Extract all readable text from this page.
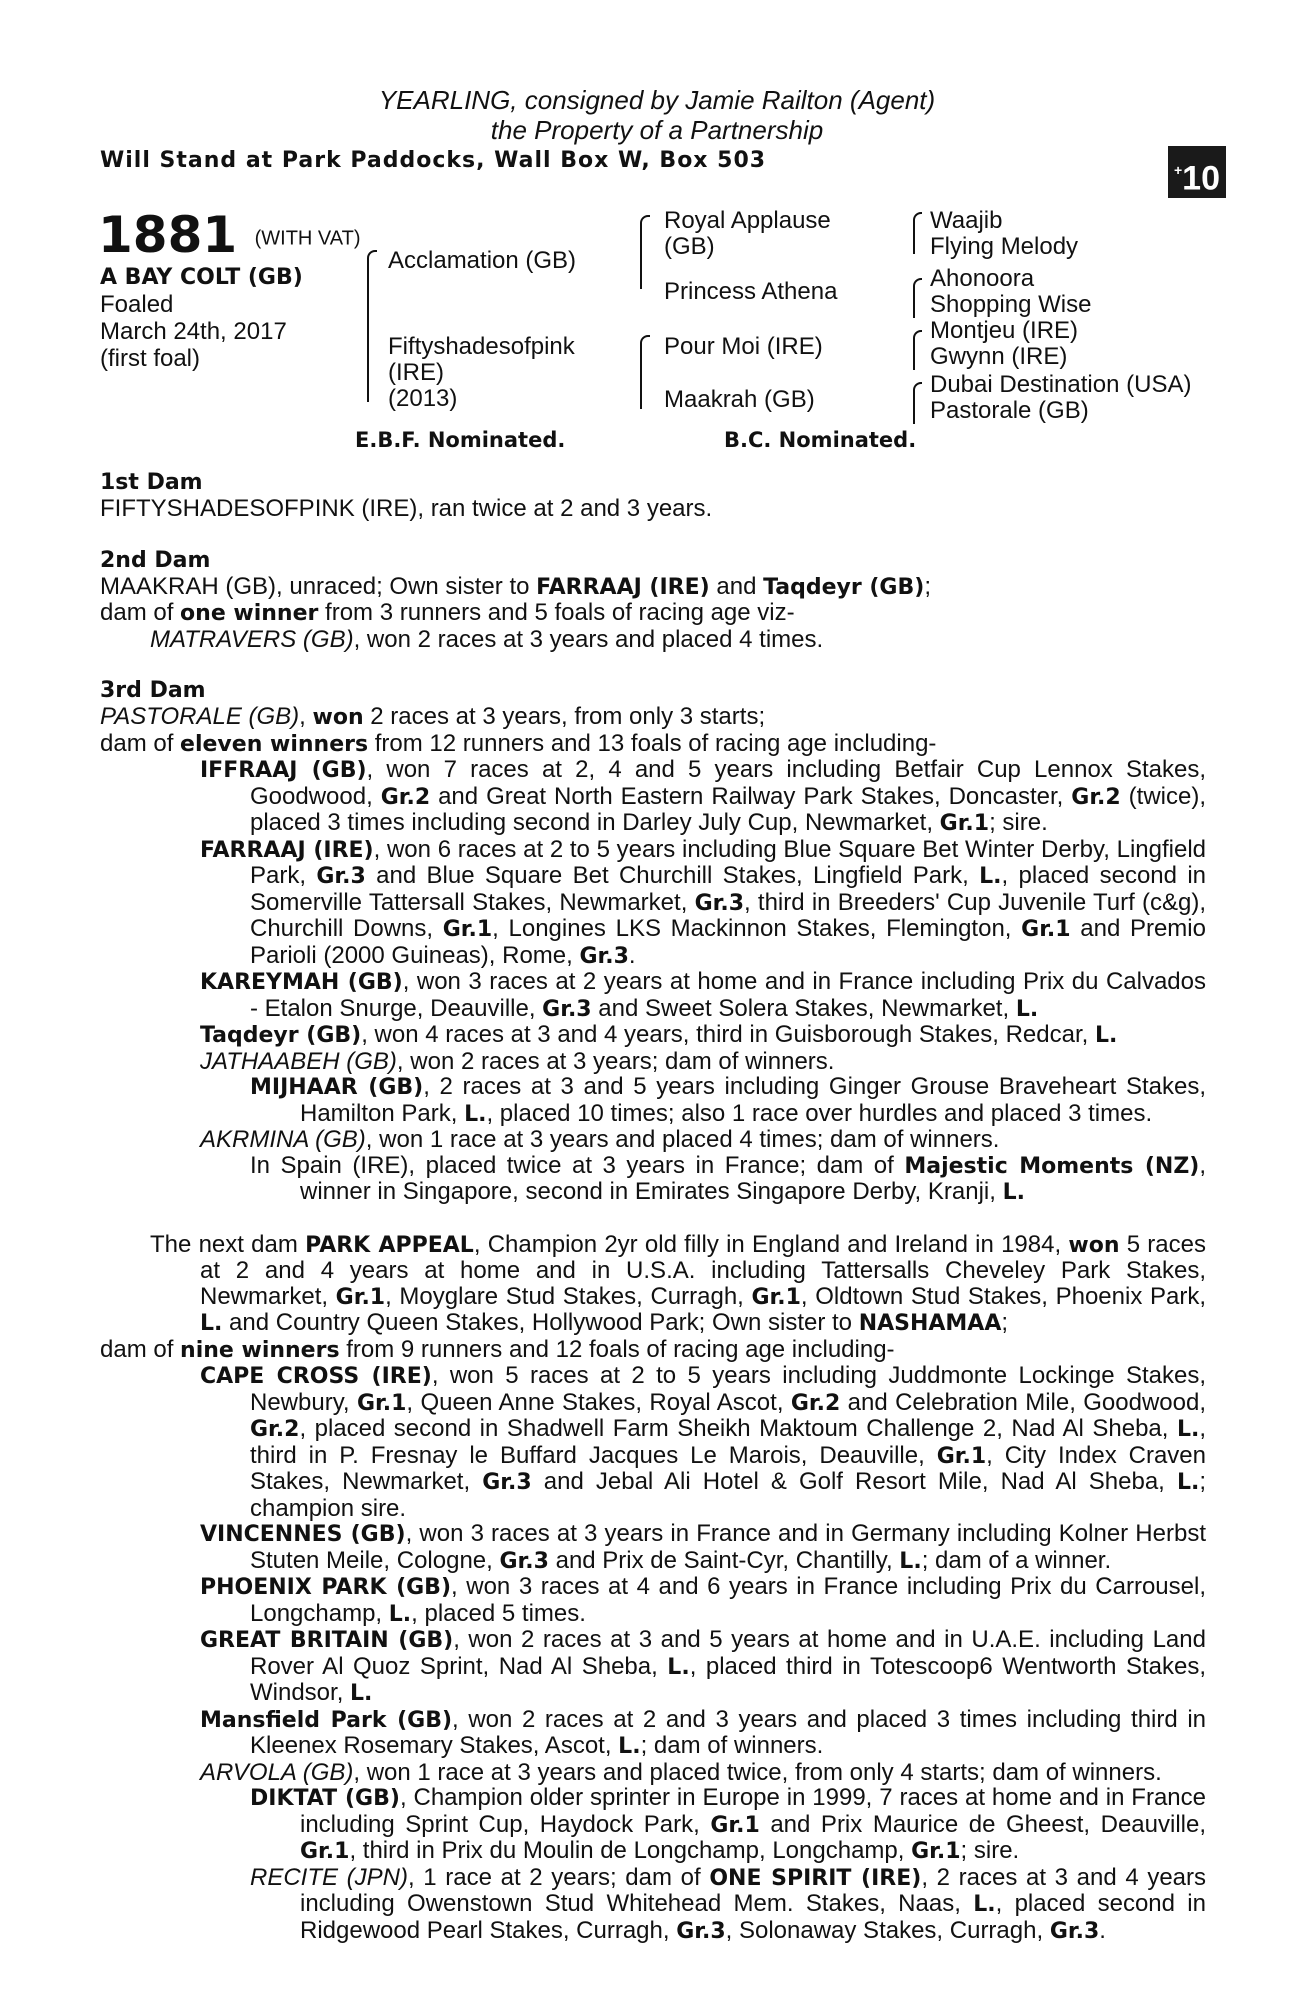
YEARLING, consigned by Jamie Railton (Agent)
the Property of a Partnership
Will Stand at Park Paddocks, Wall Box W, Box 503	+10
1881 (WITH VAT)
A BAY COLT (GB)
Foaled
March 24th, 2017
(first foal)
Acclamation (GB)
Fiftyshadesofpink
(IRE)
(2013)
Royal Applause
(GB)
Princess Athena
Pour Moi (IRE)
Maakrah (GB)
Waajib
Flying Melody
Ahonoora
Shopping Wise
Montjeu (IRE)
Gwynn (IRE)
Dubai Destination (USA)
Pastorale (GB)
E.B.F. Nominated.	B.C. Nominated.
1st Dam

FIFTYSHADESOFPINK (IRE), ran twice at 2 and 3 years.

2nd Dam

MAAKRAH (GB), unraced; Own sister to FARRAAJ (IRE) and Taqdeyr (GB);

dam of one winner from 3 runners and 5 foals of racing age viz-

MATRAVERS (GB), won 2 races at 3 years and placed 4 times.

3rd Dam

PASTORALE (GB), won 2 races at 3 years, from only 3 starts;

dam of eleven winners from 12 runners and 13 foals of racing age including-

IFFRAAJ (GB), won 7 races at 2, 4 and 5 years including Betfair Cup Lennox Stakes, Goodwood, Gr.2 and Great North Eastern Railway Park Stakes, Doncaster, Gr.2 (twice), placed 3 times including second in Darley July Cup, Newmarket, Gr.1; sire.

FARRAAJ (IRE), won 6 races at 2 to 5 years including Blue Square Bet Winter Derby, Lingfield Park, Gr.3 and Blue Square Bet Churchill Stakes, Lingfield Park, L., placed second in Somerville Tattersall Stakes, Newmarket, Gr.3, third in Breeders' Cup Juvenile Turf (c&g), Churchill Downs, Gr.1, Longines LKS Mackinnon Stakes, Flemington, Gr.1 and Premio Parioli (2000 Guineas), Rome, Gr.3.

KAREYMAH (GB), won 3 races at 2 years at home and in France including Prix du Calvados - Etalon Snurge, Deauville, Gr.3 and Sweet Solera Stakes, Newmarket, L.

Taqdeyr (GB), won 4 races at 3 and 4 years, third in Guisborough Stakes, Redcar, L.

JATHAABEH (GB), won 2 races at 3 years; dam of winners.

MIJHAAR (GB), 2 races at 3 and 5 years including Ginger Grouse Braveheart Stakes, Hamilton Park, L., placed 10 times; also 1 race over hurdles and placed 3 times.

AKRMINA (GB), won 1 race at 3 years and placed 4 times; dam of winners.

In Spain (IRE), placed twice at 3 years in France; dam of Majestic Moments (NZ), winner in Singapore, second in Emirates Singapore Derby, Kranji, L.

The next dam PARK APPEAL, Champion 2yr old filly in England and Ireland in 1984, won 5 races at 2 and 4 years at home and in U.S.A. including Tattersalls Cheveley Park Stakes, Newmarket, Gr.1, Moyglare Stud Stakes, Curragh, Gr.1, Oldtown Stud Stakes, Phoenix Park, L. and Country Queen Stakes, Hollywood Park; Own sister to NASHAMAA;

dam of nine winners from 9 runners and 12 foals of racing age including-

CAPE CROSS (IRE), won 5 races at 2 to 5 years including Juddmonte Lockinge Stakes, Newbury, Gr.1, Queen Anne Stakes, Royal Ascot, Gr.2 and Celebration Mile, Goodwood, Gr.2, placed second in Shadwell Farm Sheikh Maktoum Challenge 2, Nad Al Sheba, L., third in P. Fresnay le Buffard Jacques Le Marois, Deauville, Gr.1, City Index Craven Stakes, Newmarket, Gr.3 and Jebal Ali Hotel & Golf Resort Mile, Nad Al Sheba, L.; champion sire.

VINCENNES (GB), won 3 races at 3 years in France and in Germany including Kolner Herbst Stuten Meile, Cologne, Gr.3 and Prix de Saint-Cyr, Chantilly, L.; dam of a winner.

PHOENIX PARK (GB), won 3 races at 4 and 6 years in France including Prix du Carrousel, Longchamp, L., placed 5 times.

GREAT BRITAIN (GB), won 2 races at 3 and 5 years at home and in U.A.E. including Land Rover Al Quoz Sprint, Nad Al Sheba, L., placed third in Totescoop6 Wentworth Stakes, Windsor, L.

Mansfield Park (GB), won 2 races at 2 and 3 years and placed 3 times including third in Kleenex Rosemary Stakes, Ascot, L.; dam of winners.

ARVOLA (GB), won 1 race at 3 years and placed twice, from only 4 starts; dam of winners.

DIKTAT (GB), Champion older sprinter in Europe in 1999, 7 races at home and in France including Sprint Cup, Haydock Park, Gr.1 and Prix Maurice de Gheest, Deauville, Gr.1, third in Prix du Moulin de Longchamp, Longchamp, Gr.1; sire.

RECITE (JPN), 1 race at 2 years; dam of ONE SPIRIT (IRE), 2 races at 3 and 4 years including Owenstown Stud Whitehead Mem. Stakes, Naas, L., placed second in Ridgewood Pearl Stakes, Curragh, Gr.3, Solonaway Stakes, Curragh, Gr.3.
